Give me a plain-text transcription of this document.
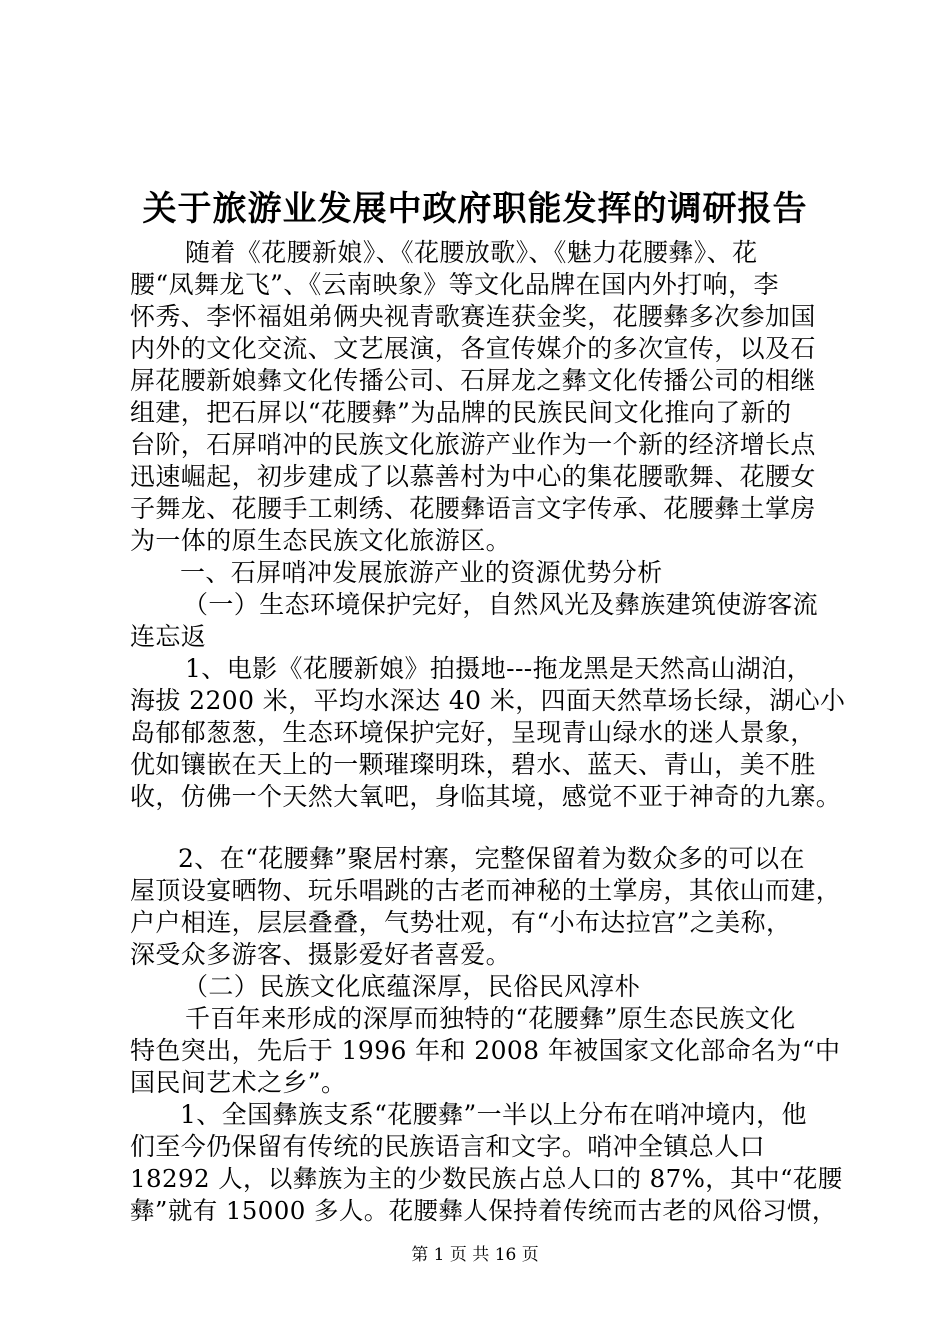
关于旅游业发展中政府职能发挥的调研报告
随着《花腰新娘》、《花腰放歌》、《魅力花腰彝》、花
腰“凤舞龙飞”、《云南映象》等文化品牌在国内外打响，李
怀秀、李怀福姐弟俩央视青歌赛连获金奖，花腰彝多次参加国
内外的文化交流、文艺展演，各宣传媒介的多次宣传，以及石
屏花腰新娘彝文化传播公司、石屏龙之彝文化传播公司的相继
组建，把石屏以“花腰彝”为品牌的民族民间文化推向了新的
台阶，石屏哨冲的民族文化旅游产业作为一个新的经济增长点
迅速崛起，初步建成了以慕善村为中心的集花腰歌舞、花腰女
子舞龙、花腰手工刺绣、花腰彝语言文字传承、花腰彝土掌房
为一体的原生态民族文化旅游区。
一、石屏哨冲发展旅游产业的资源优势分析
（一）生态环境保护完好，自然风光及彝族建筑使游客流
连忘返
1、电影《花腰新娘》拍摄地---拖龙黑是天然高山湖泊，
海拔 2200 米，平均水深达 40 米，四面天然草场长绿，湖心小
岛郁郁葱葱，生态环境保护完好，呈现青山绿水的迷人景象，
优如镶嵌在天上的一颗璀璨明珠，碧水、蓝天、青山，美不胜
收，仿佛一个天然大氧吧，身临其境，感觉不亚于神奇的九寨。
2、在“花腰彝”聚居村寨，完整保留着为数众多的可以在
屋顶设宴晒物、玩乐唱跳的古老而神秘的土掌房，其依山而建，
户户相连，层层叠叠，气势壮观，有“小布达拉宫”之美称，
深受众多游客、摄影爱好者喜爱。
（二）民族文化底蕴深厚，民俗民风淳朴
千百年来形成的深厚而独特的“花腰彝”原生态民族文化
特色突出，先后于 1996 年和 2008 年被国家文化部命名为“中
国民间艺术之乡”。
1、全国彝族支系“花腰彝”一半以上分布在哨冲境内，他
们至今仍保留有传统的民族语言和文字。哨冲全镇总人口
18292 人，以彝族为主的少数民族占总人口的 87%，其中“花腰
彝”就有 15000 多人。花腰彝人保持着传统而古老的风俗习惯，
第 1 页 共 16 页
